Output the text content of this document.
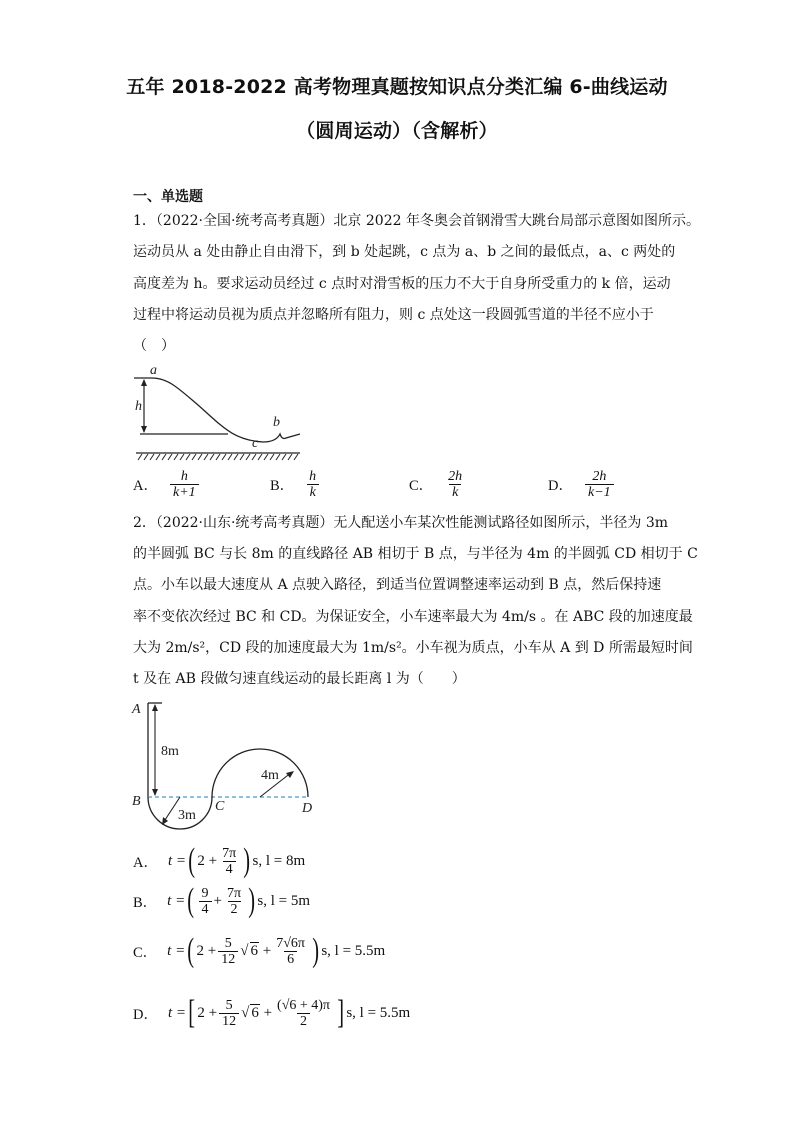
五年 2018-2022 高考物理真题按知识点分类汇编 6-曲线运动
（圆周运动）（含解析）
一、单选题
1．（2022·全国·统考高考真题）北京 2022 年冬奥会首钢滑雪大跳台局部示意图如图所示。
运动员从 a 处由静止自由滑下，到 b 处起跳，c 点为 a、b 之间的最低点，a、c 两处的
高度差为 h。要求运动员经过 c 点时对滑雪板的压力不大于自身所受重力的 k 倍，运动
过程中将运动员视为质点并忽略所有阻力，则 c 点处这一段圆弧雪道的半径不应小于
（　）
a
h
b
c
A． $\frac{h}{k+1}$	B． $\frac{h}{k}$	C． $\frac{2h}{k}$	D． $\frac{2h}{k-1}$
2．（2022·山东·统考高考真题）无人配送小车某次性能测试路径如图所示，半径为 3m
的半圆弧 BC 与长 8m 的直线路径 AB 相切于 B 点，与半径为 4m 的半圆弧 CD 相切于 C
点。小车以最大速度从 A 点驶入路径，到适当位置调整速率运动到 B 点，然后保持速
率不变依次经过 BC 和 CD。为保证安全，小车速率最大为 4m/s 。在 ABC 段的加速度最
大为 2m/s²，CD 段的加速度最大为 1m/s²。小车视为质点，小车从 A 到 D 所需最短时间
t 及在 AB 段做匀速直线运动的最长距离 l 为（　　）
A
B	C	D
8m
3m
4m
A． t = ( 2
+ $\frac{7\pi}{4}$ ) s, l = 8m
B． t = ( $\frac{9}{4} + \frac{7\pi}{2}$ ) s, l = 5m
C． t = ( $2 + \frac{5}{12}$ √ $6 + \frac{7√6\pi}{6}$ ) s, l = 5.5m
D． t = [ $2 + \frac{5}{12}$ √ $6 + \frac{(√6 + 4)\pi}{2}$ ] s, l = 5.5m
